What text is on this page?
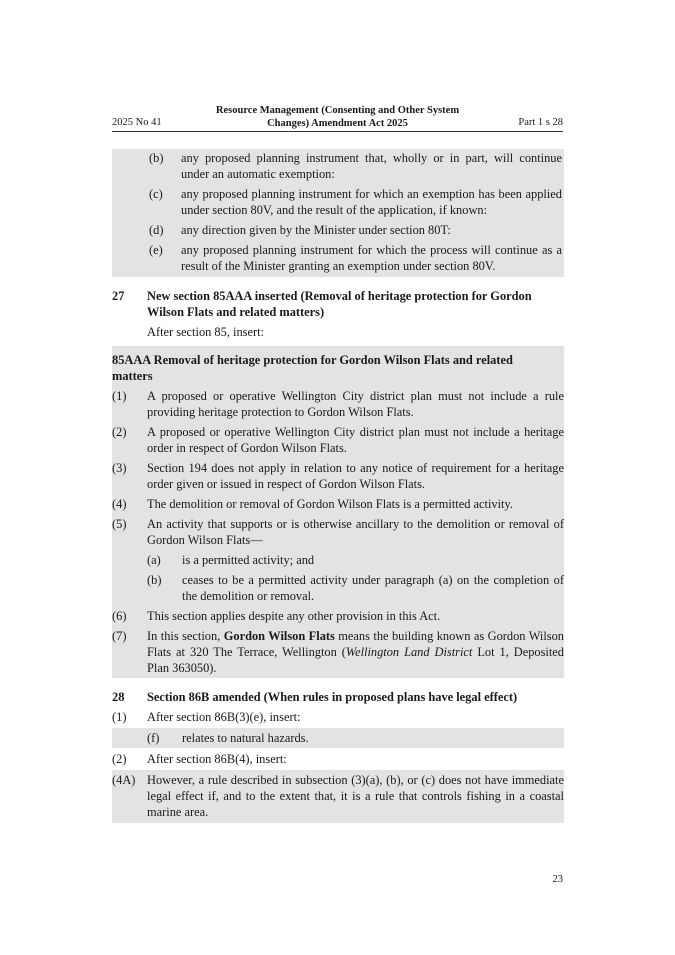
2025 No 41
Resource Management (Consenting and Other System
Changes) Amendment Act 2025	Part 1 s 28
(b)	any proposed planning instrument that, wholly or in part, will continue under an automatic exemption:
(c)	any proposed planning instrument for which an exemption has been applied under section 80V, and the result of the application, if known:
(d)	any direction given by the Minister under section 80T:
(e)	any proposed planning instrument for which the process will continue as a result of the Minister granting an exemption under section 80V.
27	New section 85AAA inserted (Removal of heritage protection for Gordon Wilson Flats and related matters)
After section 85, insert:
85AAA Removal of heritage protection for Gordon Wilson Flats and related matters
(1)	A proposed or operative Wellington City district plan must not include a rule providing heritage protection to Gordon Wilson Flats.
(2)	A proposed or operative Wellington City district plan must not include a heritage order in respect of Gordon Wilson Flats.
(3)	Section 194 does not apply in relation to any notice of requirement for a heritage order given or issued in respect of Gordon Wilson Flats.
(4)	The demolition or removal of Gordon Wilson Flats is a permitted activity.
(5)	An activity that supports or is otherwise ancillary to the demolition or removal of Gordon Wilson Flats—
(a)	is a permitted activity; and
(b)	ceases to be a permitted activity under paragraph (a) on the completion of the demolition or removal.
(6)	This section applies despite any other provision in this Act.
(7)	In this section, Gordon Wilson Flats means the building known as Gordon Wilson Flats at 320 The Terrace, Wellington (Wellington Land District Lot 1, Deposited Plan 363050).
28	Section 86B amended (When rules in proposed plans have legal effect)
(1)	After section 86B(3)(e), insert:
(f)	relates to natural hazards.
(2)	After section 86B(4), insert:
(4A) However, a rule described in subsection (3)(a), (b), or (c) does not have immediate legal effect if, and to the extent that, it is a rule that controls fishing in a coastal marine area.
23
